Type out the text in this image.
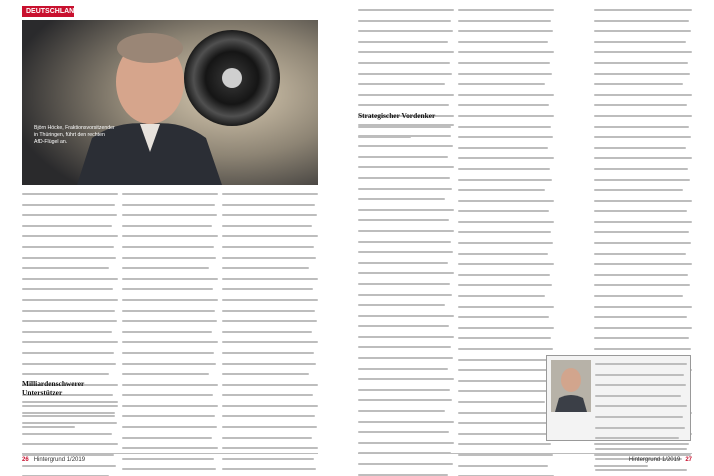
DEUTSCHLAND
Björn Höcke, Fraktionsvorsitzender in Thüringen, führt den rechten AfD-Flügel an.
Milliardenschwerer Unterstützer
Strategischer Vordenker
26 Hintergrund 1/2019	Hintergrund 1/2019 27
